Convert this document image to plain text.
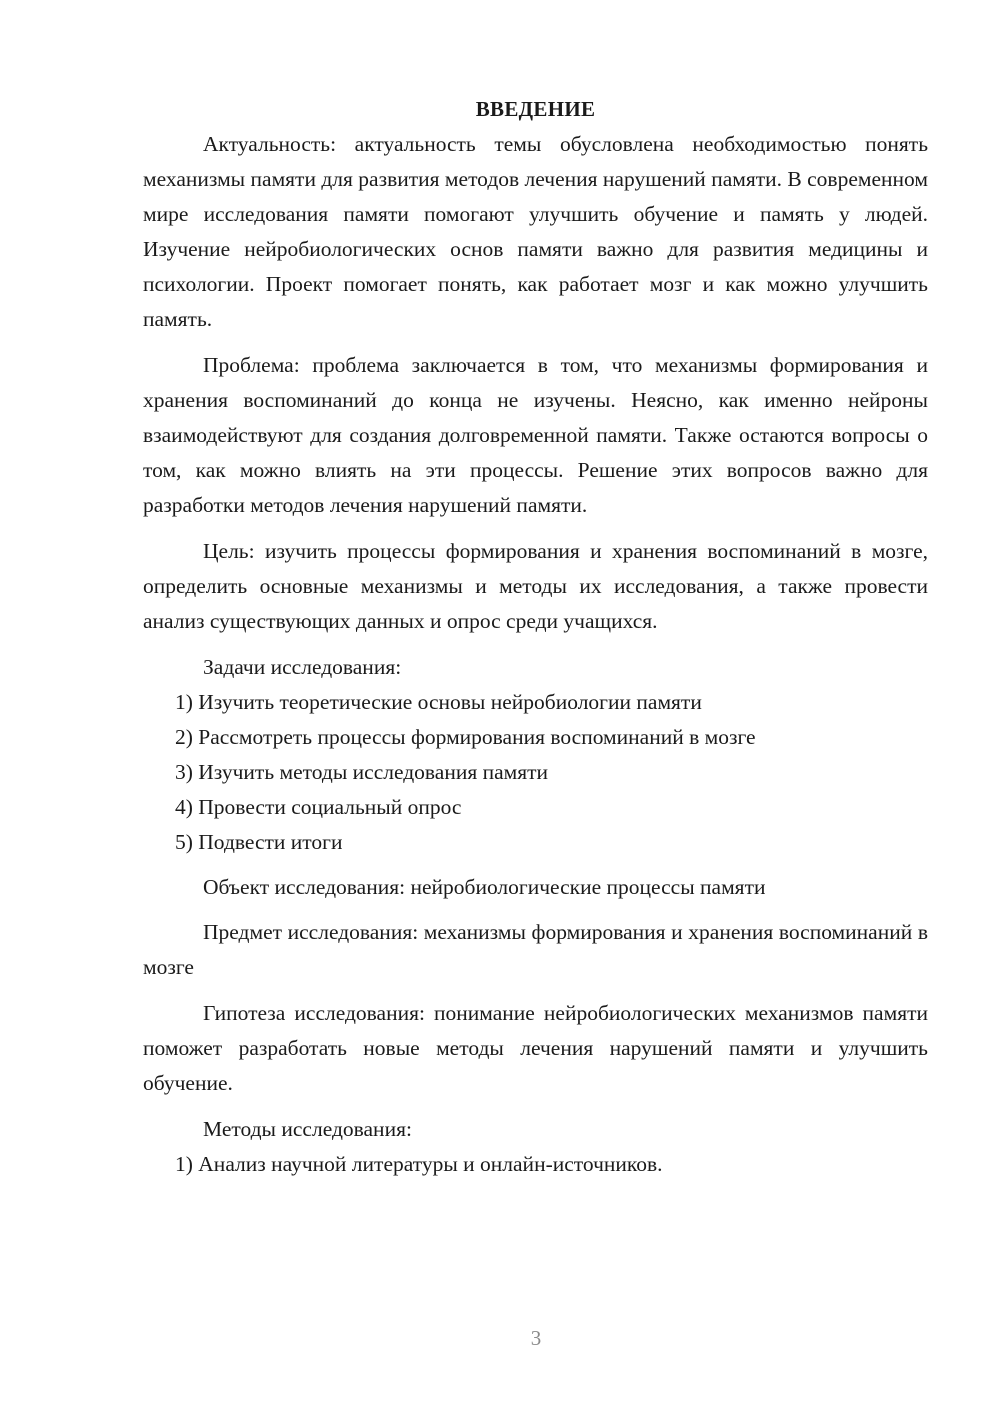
ВВЕДЕНИЕ

Актуальность: актуальность темы обусловлена необходимостью понять механизмы памяти для развития методов лечения нарушений памяти. В современном мире исследования памяти помогают улучшить обучение и память у людей. Изучение нейробиологических основ памяти важно для развития медицины и психологии. Проект помогает понять, как работает мозг и как можно улучшить память.

Проблема: проблема заключается в том, что механизмы формирования и хранения воспоминаний до конца не изучены. Неясно, как именно нейроны взаимодействуют для создания долговременной памяти. Также остаются вопросы о том, как можно влиять на эти процессы. Решение этих вопросов важно для разработки методов лечения нарушений памяти.

Цель: изучить процессы формирования и хранения воспоминаний в мозге, определить основные механизмы и методы их исследования, а также провести анализ существующих данных и опрос среди учащихся.

Задачи исследования:

1) Изучить теоретические основы нейробиологии памяти

2) Рассмотреть процессы формирования воспоминаний в мозге

3) Изучить методы исследования памяти

4) Провести социальный опрос

5) Подвести итоги

Объект исследования: нейробиологические процессы памяти

Предмет исследования: механизмы формирования и хранения воспоминаний в мозге

Гипотеза исследования: понимание нейробиологических механизмов памяти поможет разработать новые методы лечения нарушений памяти и улучшить обучение.

Методы исследования:

1) Анализ научной литературы и онлайн-источников.

3
